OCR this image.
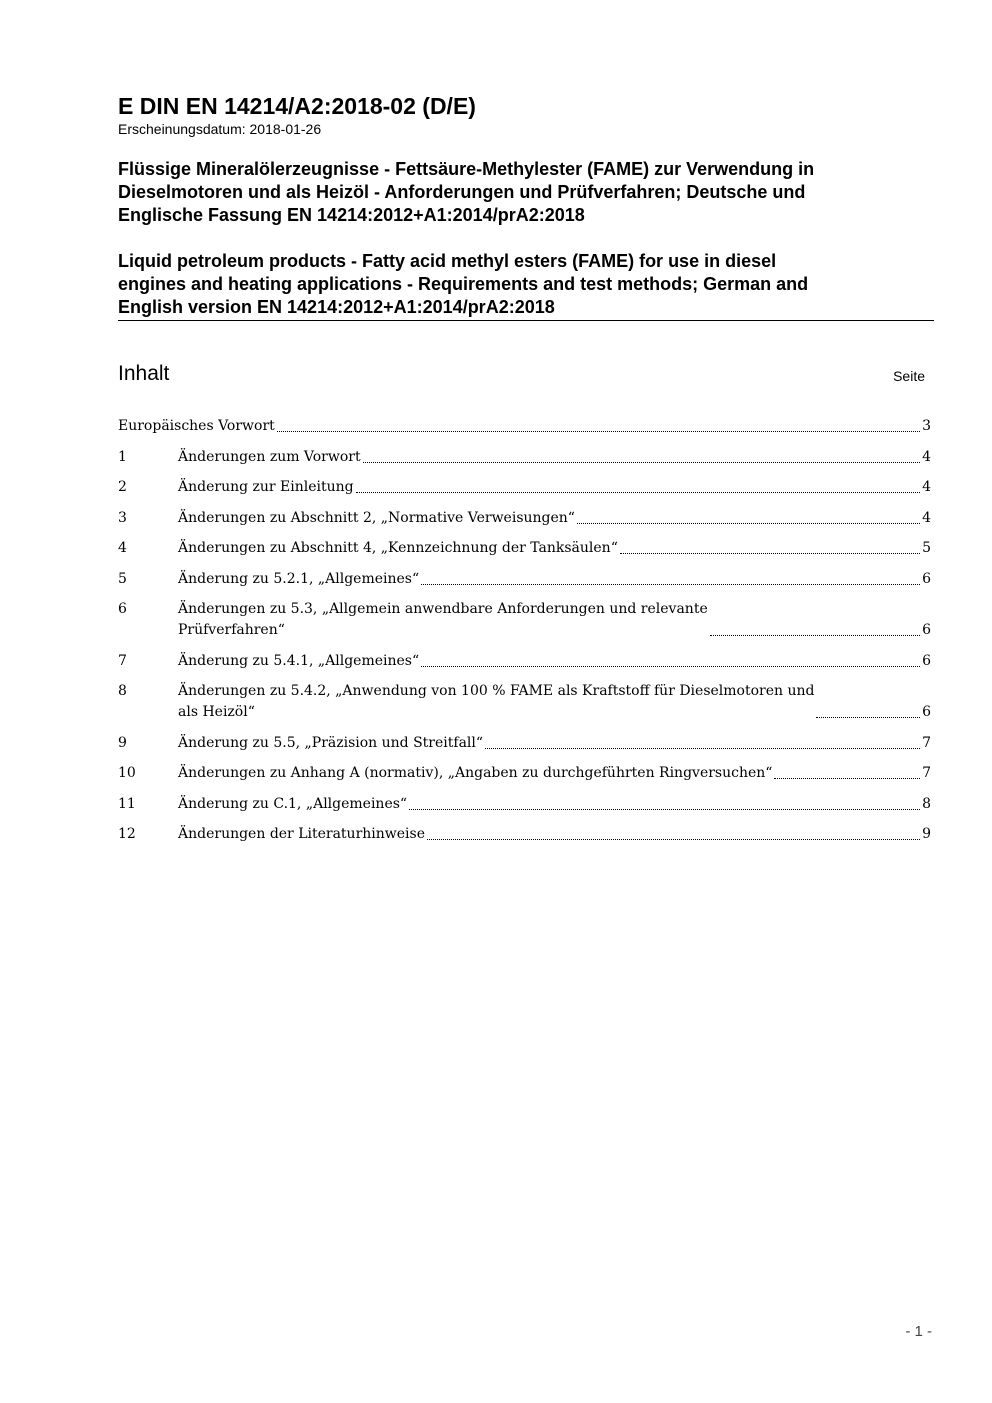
E DIN EN 14214/A2:2018-02 (D/E)
Erscheinungsdatum: 2018-01-26
Flüssige Mineralölerzeugnisse - Fettsäure-Methylester (FAME) zur Verwendung in
Dieselmotoren und als Heizöl - Anforderungen und Prüfverfahren; Deutsche und
Englische Fassung EN 14214:2012+A1:2014/prA2:2018
Liquid petroleum products - Fatty acid methyl esters (FAME) for use in diesel
engines and heating applications - Requirements and test methods; German and
English version EN 14214:2012+A1:2014/prA2:2018
Inhalt	Seite
Europäisches Vorwort	3
1	Änderungen zum Vorwort	4
2	Änderung zur Einleitung	4
3	Änderungen zu Abschnitt 2, „Normative Verweisungen“	4
4	Änderungen zu Abschnitt 4, „Kennzeichnung der Tanksäulen“	5
5	Änderung zu 5.2.1, „Allgemeines“	6
6	Änderungen zu 5.3, „Allgemein anwendbare Anforderungen und relevante
Prüfverfahren“	6
7	Änderung zu 5.4.1, „Allgemeines“	6
8	Änderungen zu 5.4.2, „Anwendung von 100 % FAME als Kraftstoff für Dieselmotoren und
als Heizöl“	6
9	Änderung zu 5.5, „Präzision und Streitfall“	7
10	Änderungen zu Anhang A (normativ), „Angaben zu durchgeführten Ringversuchen“	7
11	Änderung zu C.1, „Allgemeines“	8
12	Änderungen der Literaturhinweise	9
- 1 -
